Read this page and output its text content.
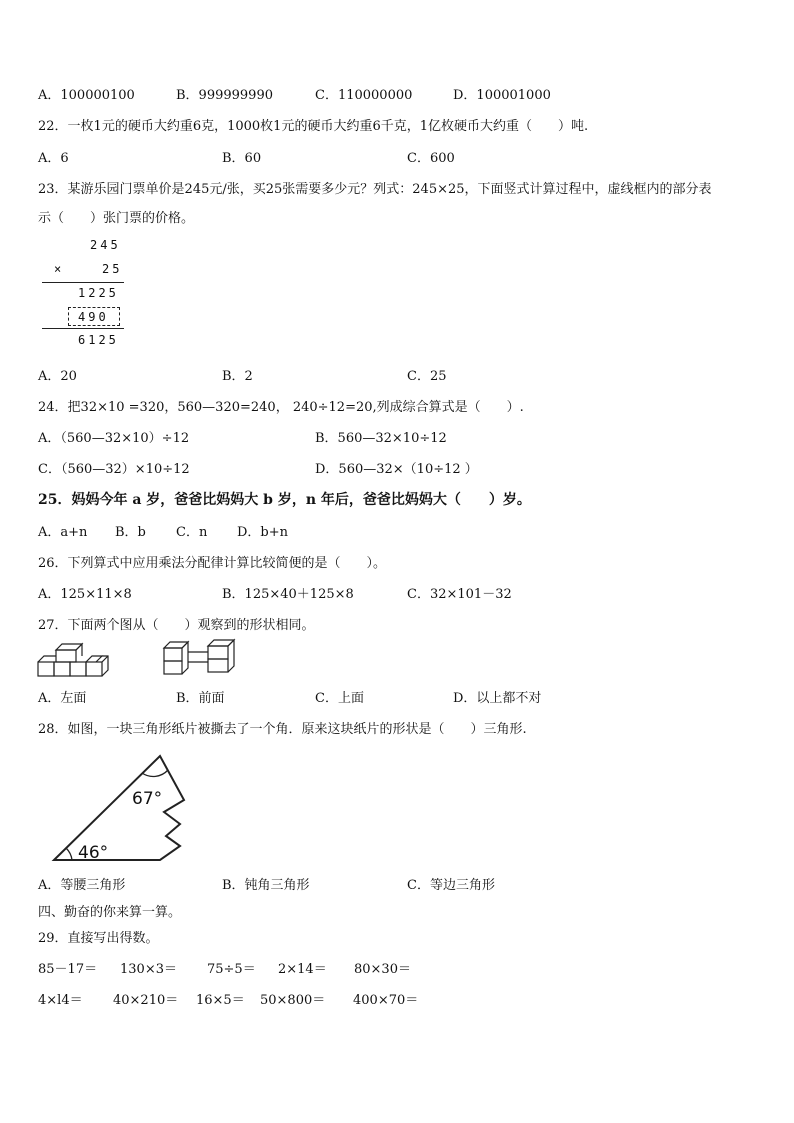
A．100000100	B．999999990	C．110000000	D．100001000
22．一枚1元的硬币大约重6克，1000枚1元的硬币大约重6千克，1亿枚硬币大约重（　　）吨.
A．6	B．60	C．600
23．某游乐园门票单价是245元/张，买25张需要多少元？列式：245×25，下面竖式计算过程中，虚线框内的部分表
示（　　）张门票的价格。
245
×	25
1225
490
6125
A．20	B．2	C．25
24．把32×10 =320，560—320=240， 240÷12=20,列成综合算式是（　　）.
A．（560—32×10）÷12	B．560—32×10÷12
C．（560—32）×10÷12	D．560—32×（10÷12 ）
25．妈妈今年 a 岁，爸爸比妈妈大 b 岁，n 年后，爸爸比妈妈大（　　）岁。
A．a+n B．b C．n D．b+n
26．下列算式中应用乘法分配律计算比较简便的是（　　）。
A．125×11×8	B．125×40＋125×8	C．32×101－32
27．下面两个图从（　　）观察到的形状相同。
A．左面	B．前面	C．上面	D．以上都不对
28．如图，一块三角形纸片被撕去了一个角．原来这块纸片的形状是（　　）三角形.
67°
46°
A．等腰三角形	B．钝角三角形	C．等边三角形
四、勤奋的你来算一算。
29．直接写出得数。
85－17＝ 130×3＝ 75÷5＝ 2×14＝ 80×30＝
4×l4＝ 40×210＝ 16×5＝ 50×800＝ 400×70＝
